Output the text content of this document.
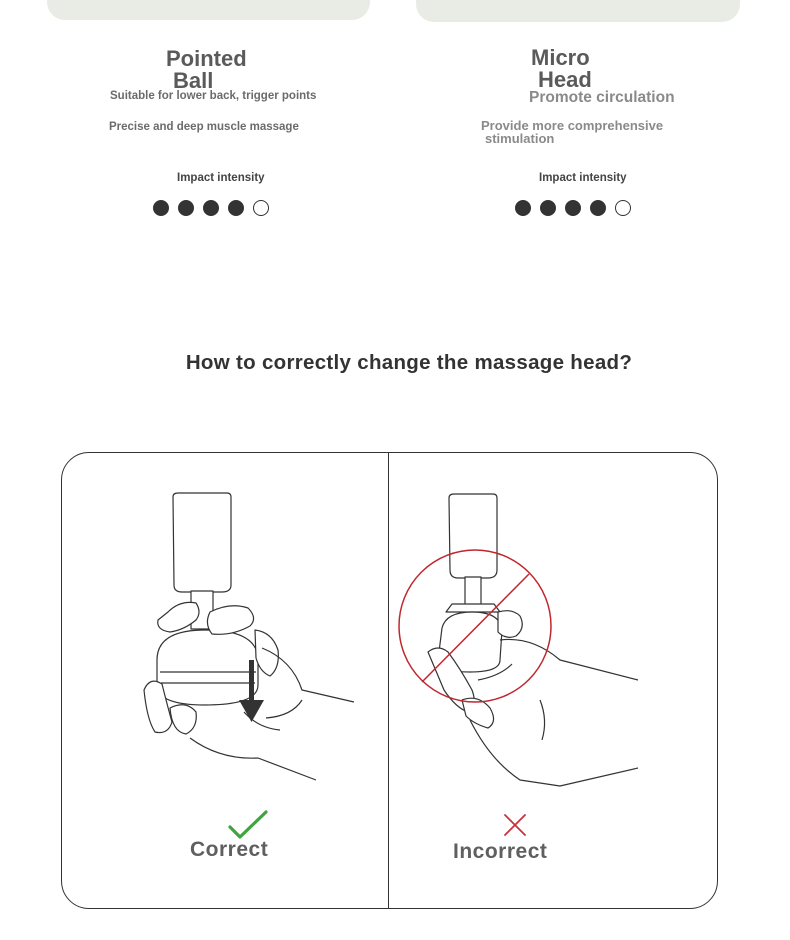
Pointed
Ball
Suitable for lower back, trigger points
Precise and deep muscle massage
Impact intensity
Micro
Head
Promote circulation
Provide more comprehensive
stimulation
Impact intensity
How to correctly change the massage head?
Correct	Incorrect
